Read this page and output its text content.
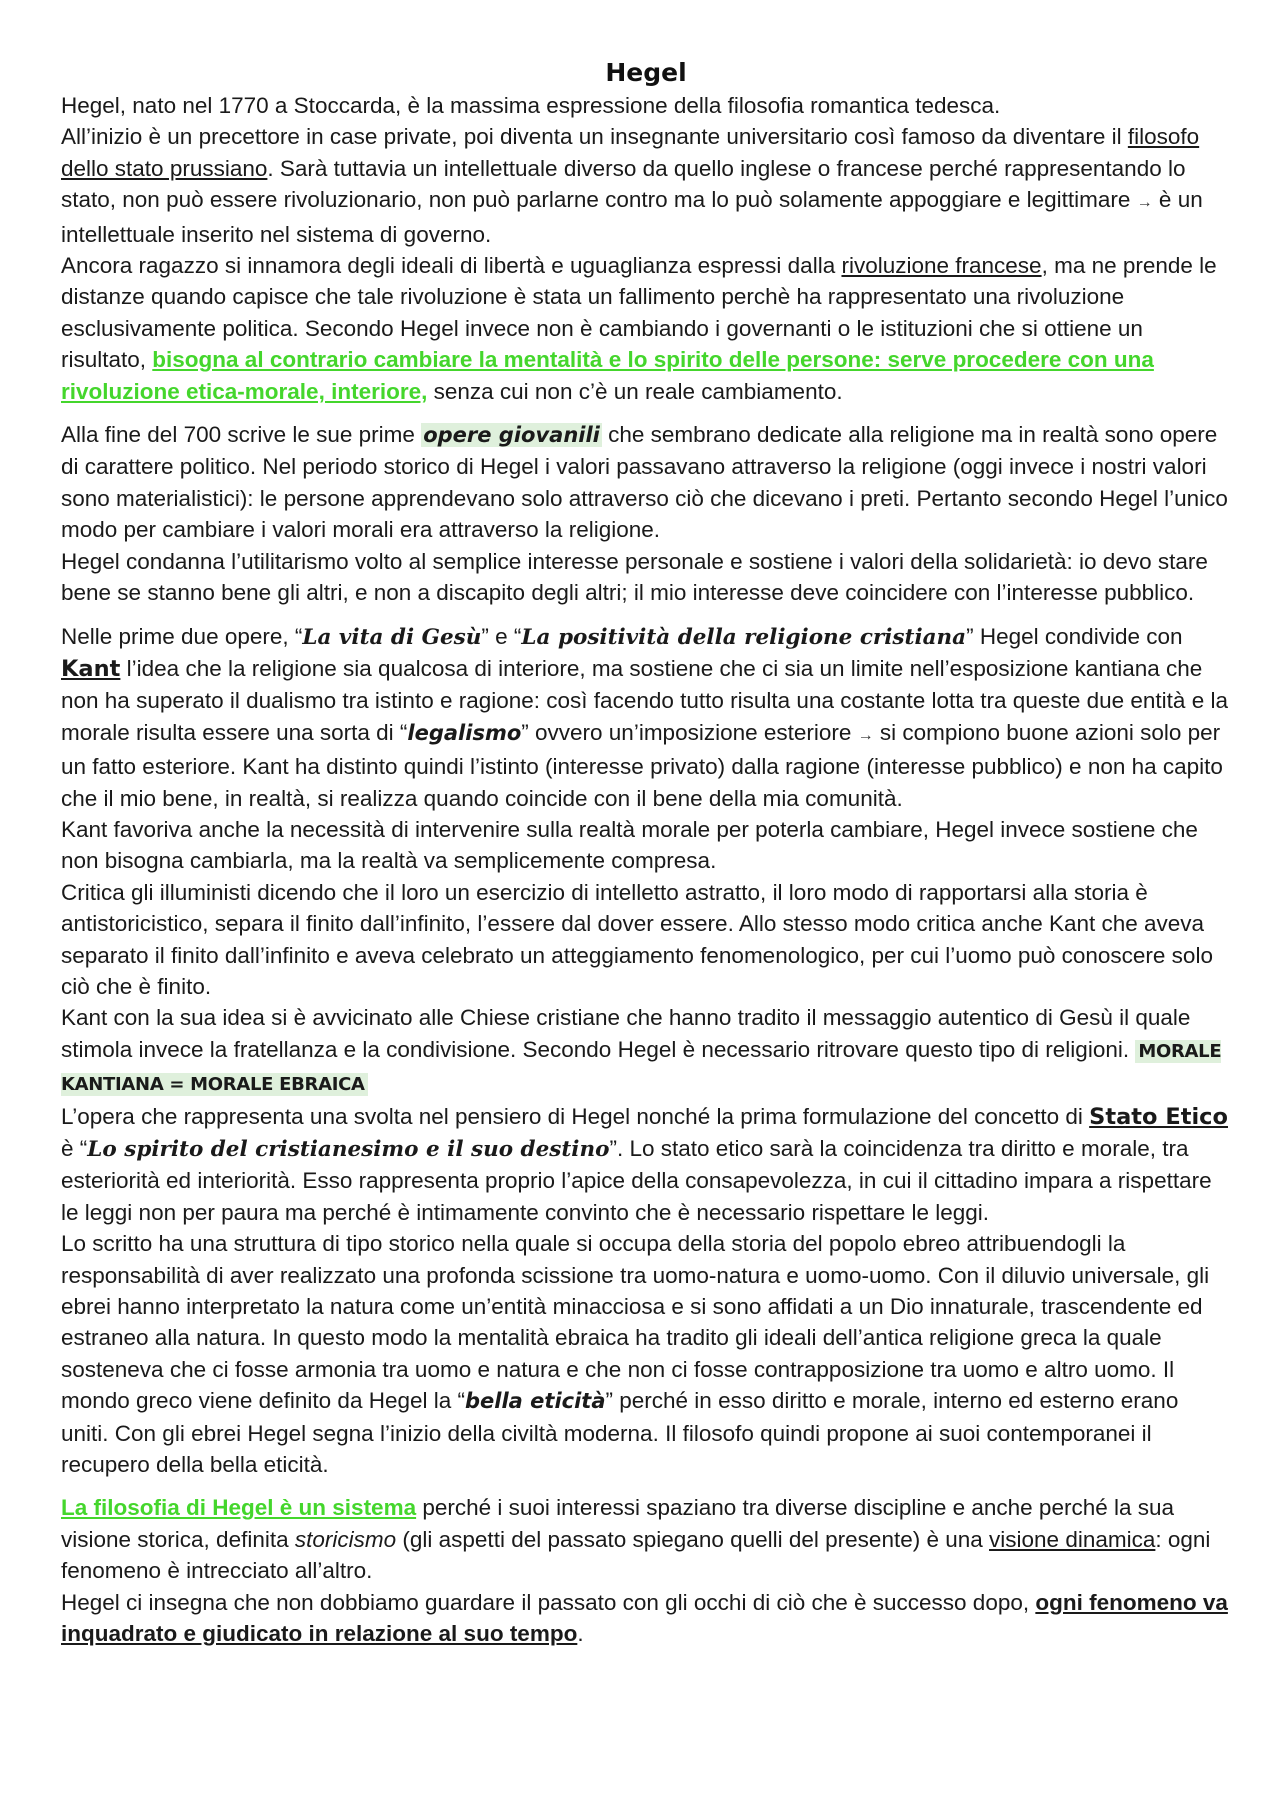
Hegel

Hegel, nato nel 1770 a Stoccarda, è la massima espressione della filosofia romantica tedesca.
All’inizio è un precettore in case private, poi diventa un insegnante universitario così famoso da diventare il filosofo dello stato prussiano. Sarà tuttavia un intellettuale diverso da quello inglese o francese perché rappresentando lo stato, non può essere rivoluzionario, non può parlarne contro ma lo può solamente appoggiare e legittimare → è un intellettuale inserito nel sistema di governo.

Ancora ragazzo si innamora degli ideali di libertà e uguaglianza espressi dalla rivoluzione francese, ma ne prende le distanze quando capisce che tale rivoluzione è stata un fallimento perchè ha rappresentato una rivoluzione esclusivamente politica. Secondo Hegel invece non è cambiando i governanti o le istituzioni che si ottiene un risultato, bisogna al contrario cambiare la mentalità e lo spirito delle persone: serve procedere con una rivoluzione etica-morale, interiore, senza cui non c’è un reale cambiamento.

Alla fine del 700 scrive le sue prime opere giovanili che sembrano dedicate alla religione ma in realtà sono opere di carattere politico. Nel periodo storico di Hegel i valori passavano attraverso la religione (oggi invece i nostri valori sono materialistici): le persone apprendevano solo attraverso ciò che dicevano i preti. Pertanto secondo Hegel l’unico modo per cambiare i valori morali era attraverso la religione.

Hegel condanna l’utilitarismo volto al semplice interesse personale e sostiene i valori della solidarietà: io devo stare bene se stanno bene gli altri, e non a discapito degli altri; il mio interesse deve coincidere con l’interesse pubblico.

Nelle prime due opere, “La vita di Gesù” e “La positività della religione cristiana” Hegel condivide con Kant l’idea che la religione sia qualcosa di interiore, ma sostiene che ci sia un limite nell’esposizione kantiana che non ha superato il dualismo tra istinto e ragione: così facendo tutto risulta una costante lotta tra queste due entità e la morale risulta essere una sorta di “legalismo” ovvero un’imposizione esteriore → si compiono buone azioni solo per un fatto esteriore. Kant ha distinto quindi l’istinto (interesse privato) dalla ragione (interesse pubblico) e non ha capito che il mio bene, in realtà, si realizza quando coincide con il bene della mia comunità.

Kant favoriva anche la necessità di intervenire sulla realtà morale per poterla cambiare, Hegel invece sostiene che non bisogna cambiarla, ma la realtà va semplicemente compresa.

Critica gli illuministi dicendo che il loro un esercizio di intelletto astratto, il loro modo di rapportarsi alla storia è antistoricistico, separa il finito dall’infinito, l’essere dal dover essere. Allo stesso modo critica anche Kant che aveva separato il finito dall’infinito e aveva celebrato un atteggiamento fenomenologico, per cui l’uomo può conoscere solo ciò che è finito.

Kant con la sua idea si è avvicinato alle Chiese cristiane che hanno tradito il messaggio autentico di Gesù il quale stimola invece la fratellanza e la condivisione. Secondo Hegel è necessario ritrovare questo tipo di religioni. MORALE KANTIANA = MORALE EBRAICA

L’opera che rappresenta una svolta nel pensiero di Hegel nonché la prima formulazione del concetto di Stato Etico è “Lo spirito del cristianesimo e il suo destino”. Lo stato etico sarà la coincidenza tra diritto e morale, tra esteriorità ed interiorità. Esso rappresenta proprio l’apice della consapevolezza, in cui il cittadino impara a rispettare le leggi non per paura ma perché è intimamente convinto che è necessario rispettare le leggi.

Lo scritto ha una struttura di tipo storico nella quale si occupa della storia del popolo ebreo attribuendogli la responsabilità di aver realizzato una profonda scissione tra uomo-natura e uomo-uomo. Con il diluvio universale, gli ebrei hanno interpretato la natura come un’entità minacciosa e si sono affidati a un Dio innaturale, trascendente ed estraneo alla natura. In questo modo la mentalità ebraica ha tradito gli ideali dell’antica religione greca la quale sosteneva che ci fosse armonia tra uomo e natura e che non ci fosse contrapposizione tra uomo e altro uomo. Il mondo greco viene definito da Hegel la “bella eticità” perché in esso diritto e morale, interno ed esterno erano uniti. Con gli ebrei Hegel segna l’inizio della civiltà moderna. Il filosofo quindi propone ai suoi contemporanei il recupero della bella eticità.

La filosofia di Hegel è un sistema perché i suoi interessi spaziano tra diverse discipline e anche perché la sua visione storica, definita storicismo (gli aspetti del passato spiegano quelli del presente) è una visione dinamica: ogni fenomeno è intrecciato all’altro.

Hegel ci insegna che non dobbiamo guardare il passato con gli occhi di ciò che è successo dopo, ogni fenomeno va inquadrato e giudicato in relazione al suo tempo.
